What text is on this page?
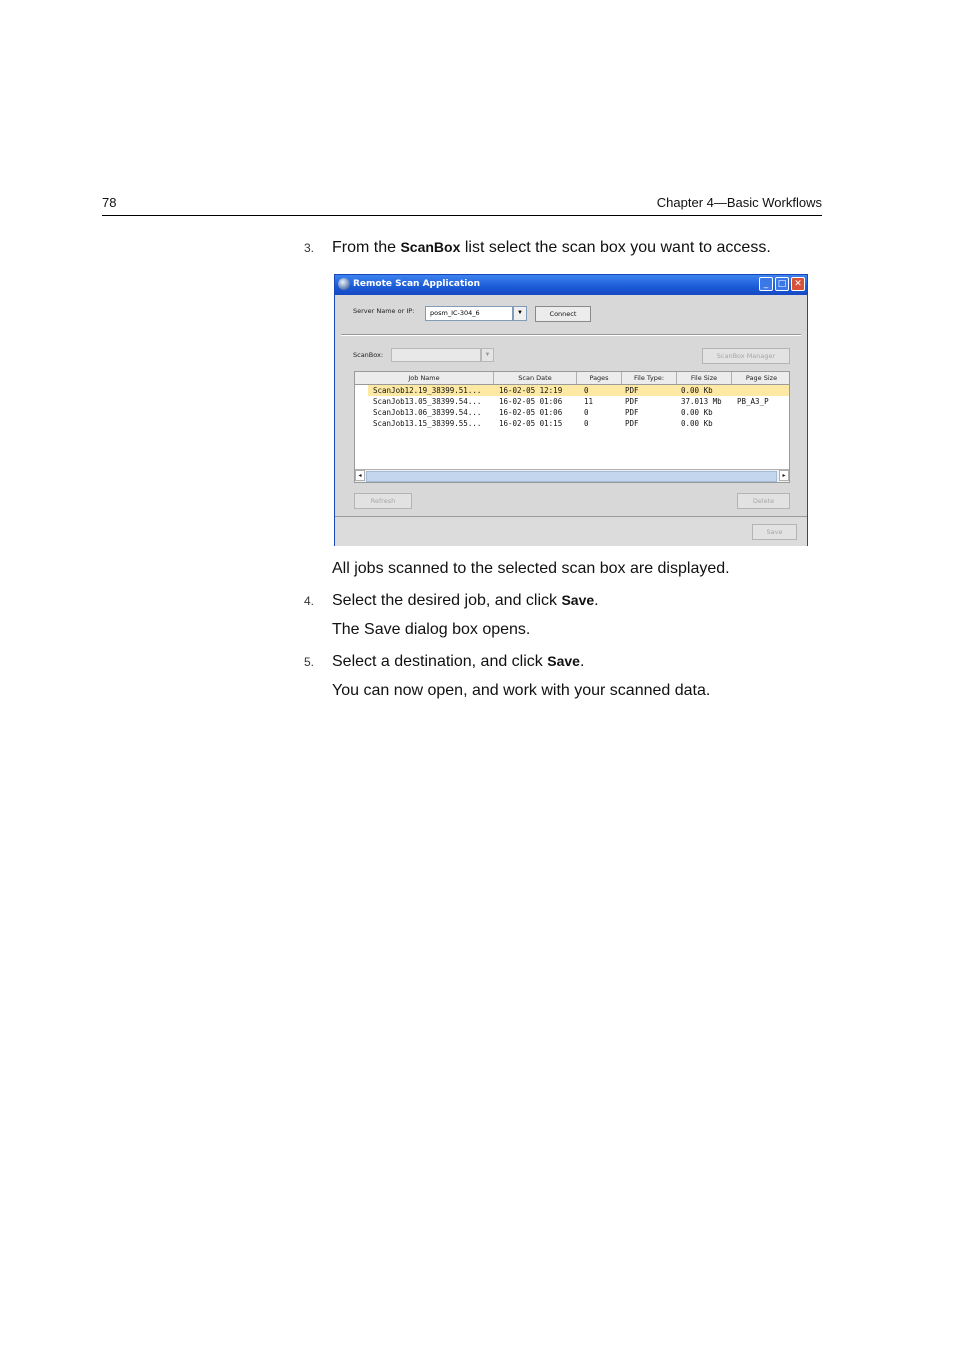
78	Chapter 4—Basic Workflows
3. From the ScanBox list select the scan box you want to access.
Remote Scan Application	_	□ ✕
Server Name or IP:	posm_IC-304_6	▼	Connect
ScanBox:	▼	ScanBox Manager
Job Name	Scan Date	Pages	File Type:	File Size	Page Size
ScanJob12.19_38399.51...	16-02-05 12:19	0	PDF	0.00 Kb
ScanJob13.05_38399.54...	16-02-05 01:06	11	PDF	37.013 Mb PB_A3_P
ScanJob13.06_38399.54...	16-02-05 01:06	0	PDF	0.00 Kb
ScanJob13.15_38399.55...	16-02-05 01:15	0	PDF	0.00 Kb
◂	▸
Refresh	Delete
Save
All jobs scanned to the selected scan box are displayed.
4. Select the desired job, and click Save.
The Save dialog box opens.
5. Select a destination, and click Save.
You can now open, and work with your scanned data.
